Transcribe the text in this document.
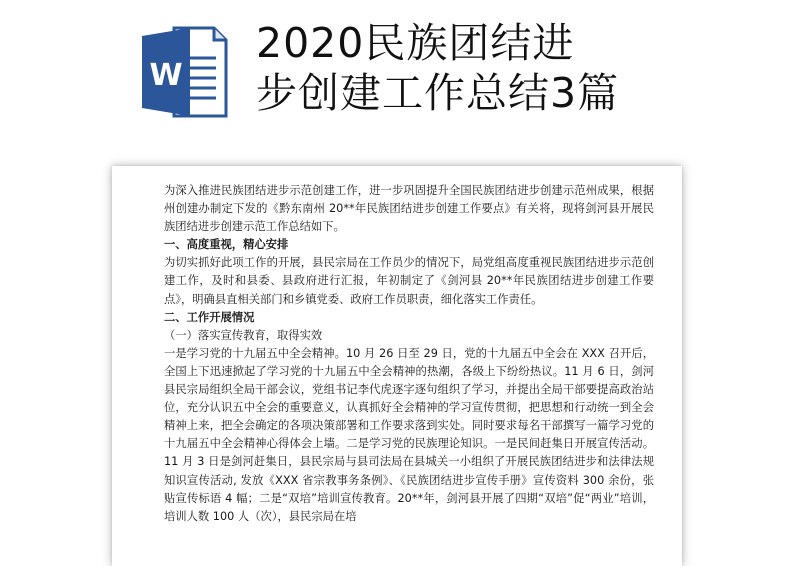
W
2020民族团结进
步创建工作总结3篇

为深入推进民族团结进步示范创建工作，进一步巩固提升全国民族团结进步创建示范州成果，根据州创建办制定下发的《黔东南州 20**年民族团结进步创建工作要点》有关将，现将剑河县开展民族团结进步创建示范工作总结如下。

一、高度重视，精心安排

为切实抓好此项工作的开展，县民宗局在工作员少的情况下，局党组高度重视民族团结进步示范创建工作，及时和县委、县政府进行汇报，年初制定了《剑河县 20**年民族团结进步创建工作要点》，明确县直相关部门和乡镇党委、政府工作员职责，细化落实工作责任。

二、工作开展情况

（一）落实宣传教育，取得实效

一是学习党的十九届五中全会精神。10 月 26 日至 29 日，党的十九届五中全会在 XXX 召开后，全国上下迅速掀起了学习党的十九届五中全会精神的热潮，各级上下纷纷热议。11 月 6 日，剑河县民宗局组织全局干部会议，党组书记李代虎逐字逐句组织了学习，并提出全局干部要提高政治站位，充分认识五中全会的重要意义，认真抓好全会精神的学习宣传贯彻，把思想和行动统一到全会精神上来，把全会确定的各项决策部署和工作要求落到实处。同时要求每名干部撰写一篇学习党的十九届五中全会精神心得体会上墙。二是学习党的民族理论知识。一是民间赶集日开展宣传活动。11 月 3 日是剑河赶集日，县民宗局与县司法局在县城关一小组织了开展民族团结进步和法律法规知识宣传活动, 发放《XXX 省宗教事务条例》、《民族团结进步宣传手册》宣传资料 300 余份，张贴宣传标语 4 幅；二是“双培”培训宣传教育。20**年，剑河县开展了四期“双培”促“两业”培训，培训人数 100 人（次），县民宗局在培
